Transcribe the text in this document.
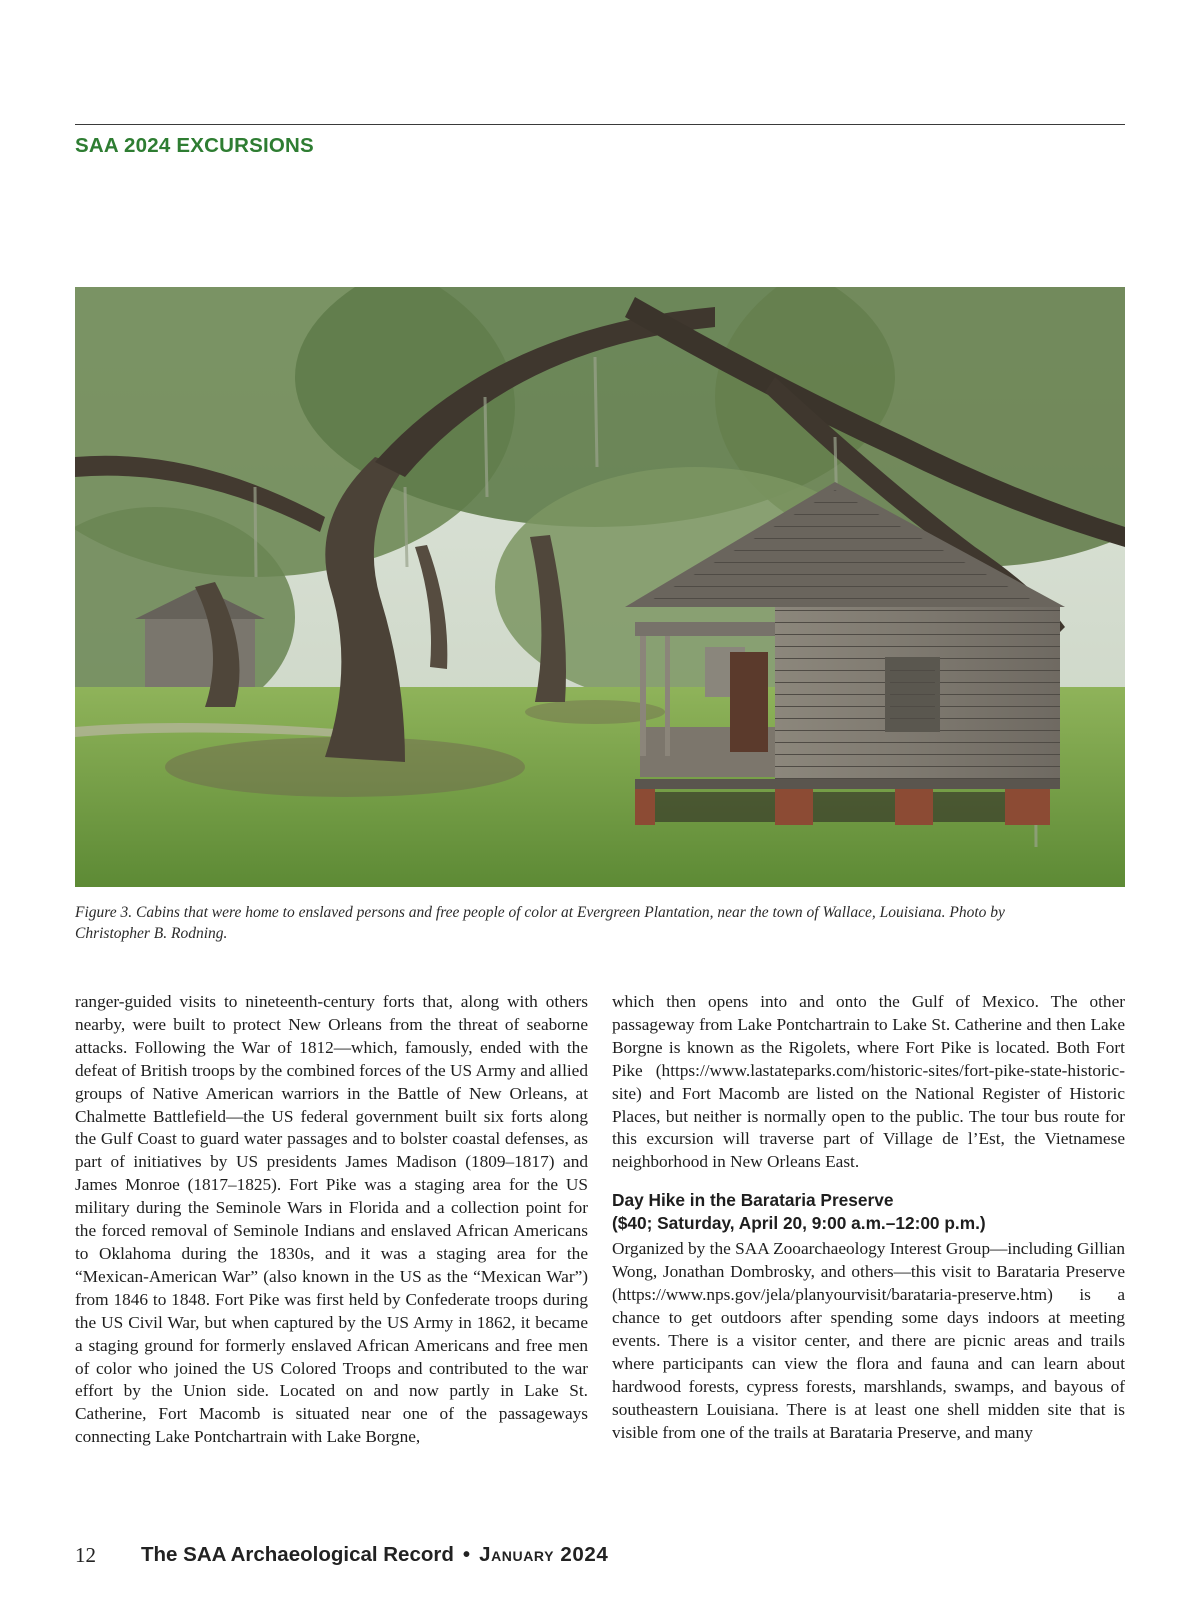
SAA 2024 EXCURSIONS
Figure 3. Cabins that were home to enslaved persons and free people of color at Evergreen Plantation, near the town of Wallace, Louisiana. Photo by
Christopher B. Rodning.

ranger-guided visits to nineteenth-century forts that, along with others nearby, were built to protect New Orleans from the threat of seaborne attacks. Following the War of 1812—which, famously, ended with the defeat of British troops by the combined forces of the US Army and allied groups of Native American warriors in the Battle of New Orleans, at Chalmette Battlefield—the US federal government built six forts along the Gulf Coast to guard water passages and to bolster coastal defenses, as part of initiatives by US presidents James Madison (1809–1817) and James Monroe (1817–1825). Fort Pike was a staging area for the US military during the Seminole Wars in Florida and a collection point for the forced removal of Seminole Indians and enslaved African Americans to Oklahoma during the 1830s, and it was a staging area for the “Mexican-American War” (also known in the US as the “Mexican War”) from 1846 to 1848. Fort Pike was first held by Confederate troops during the US Civil War, but when captured by the US Army in 1862, it became a staging ground for formerly enslaved African Americans and free men of color who joined the US Colored Troops and contributed to the war effort by the Union side. Located on and now partly in Lake St. Catherine, Fort Macomb is situated near one of the passageways connecting Lake Pontchartrain with Lake Borgne,

which then opens into and onto the Gulf of Mexico. The other passageway from Lake Pontchartrain to Lake St. Catherine and then Lake Borgne is known as the Rigolets, where Fort Pike is located. Both Fort Pike (https://www.lastateparks.com/historic-sites/fort-pike-state-historic-site) and Fort Macomb are listed on the National Register of Historic Places, but neither is normally open to the public. The tour bus route for this excursion will traverse part of Village de l’Est, the Vietnamese neighborhood in New Orleans East.

Day Hike in the Barataria Preserve
($40; Saturday, April 20, 9:00 a.m.–12:00 p.m.)

Organized by the SAA Zooarchaeology Interest Group—including Gillian Wong, Jonathan Dombrosky, and others—this visit to Barataria Preserve (https://www.nps.gov/jela/planyourvisit/barataria-preserve.htm) is a chance to get outdoors after spending some days indoors at meeting events. There is a visitor center, and there are picnic areas and trails where participants can view the flora and fauna and can learn about hardwood forests, cypress forests, marshlands, swamps, and bayous of southeastern Louisiana. There is at least one shell midden site that is visible from one of the trails at Barataria Preserve, and many

12 The SAA Archaeological Record • January 2024
